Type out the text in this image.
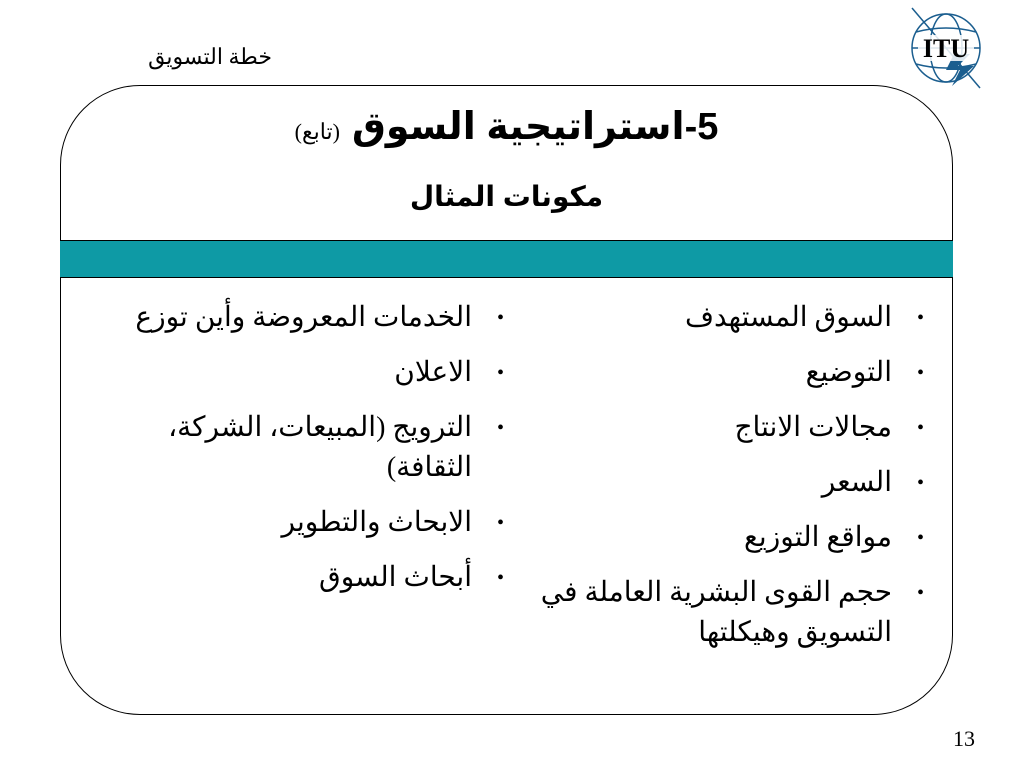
خطة التسويق	ITU
5-استراتيجية السوق (تابع)
مكونات المثال
•
السوق المستهدف
•
التوضيع
•
مجالات الانتاج
•
السعر
•
مواقع التوزيع
•
حجم القوى البشرية العاملة في التسويق وهيكلتها
•
الخدمات المعروضة وأين توزع
•
الاعلان
•
الترويج (المبيعات، الشركة، الثقافة)
•
الابحاث والتطوير
•
أبحاث السوق
13
